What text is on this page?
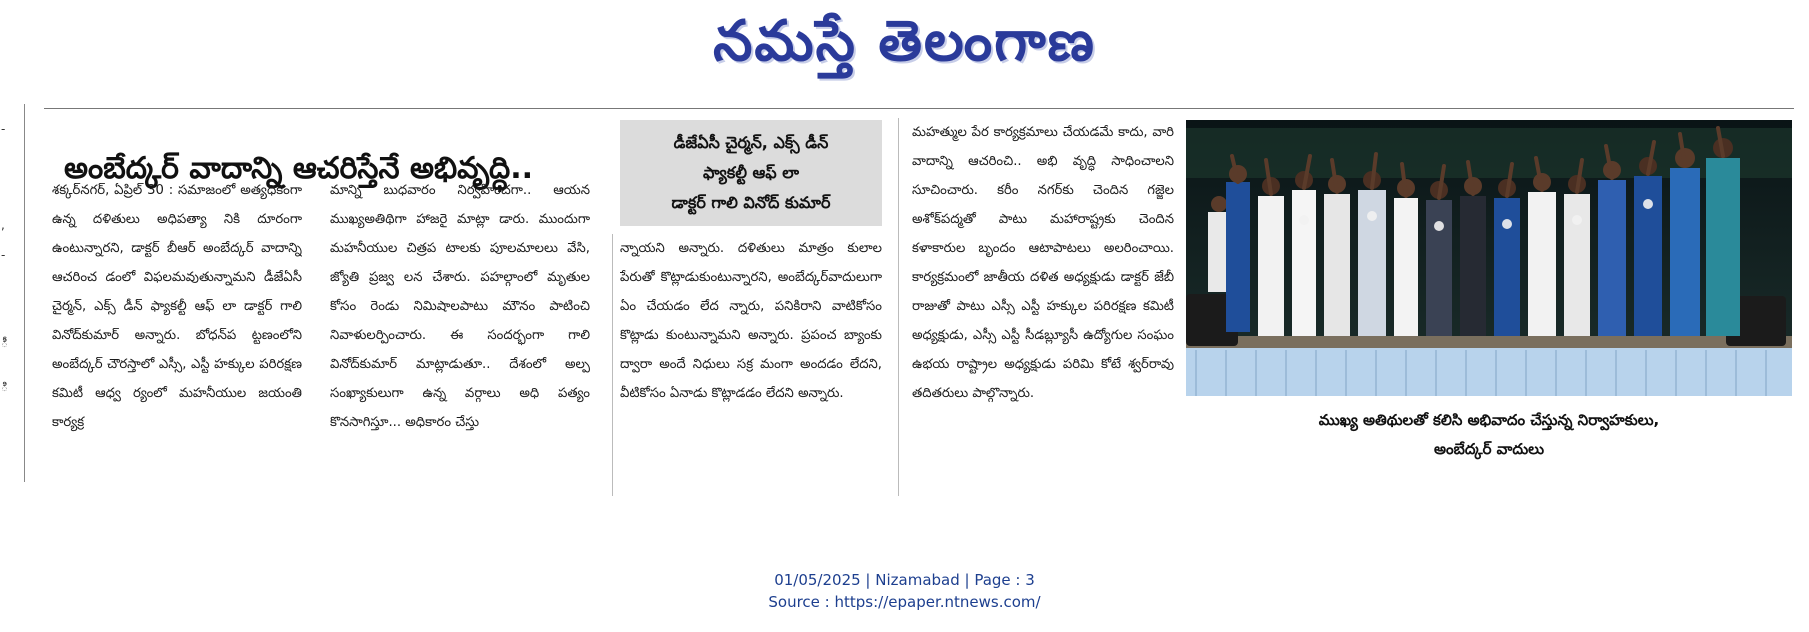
నమస్తే తెలంగాణ
-
,
-
ీ
ి
అంబేద్కర్ వాదాన్ని ఆచరిస్తేనే అభివృద్ధి..
డీజేఏసీ చైర్మన్, ఎక్స్ డీన్
ఫ్యాకల్టీ ఆఫ్ లా
డాక్టర్ గాలి వినోద్ కుమార్
శక్కర్‌నగర్, ఏప్రిల్ 30 : సమాజంలో అత్యధికంగా ఉన్న దళితులు అధిపత్యా నికి దూరంగా ఉంటున్నారని, డాక్టర్ బీఆర్ అంబేద్కర్ వాదాన్ని ఆచరించ డంలో విఫలమవుతున్నామని డీజేఏసీ చైర్మన్, ఎక్స్ డీన్ ఫ్యాకల్టీ ఆఫ్ లా డాక్టర్ గాలి వినోద్‌కుమార్ అన్నారు. బోధన్‌ప ట్టణంలోని అంబేద్కర్ చౌరస్తాలో ఎస్సీ, ఎస్టీ హక్కుల పరిరక్షణ కమిటీ ఆధ్వ ర్యంలో మహనీయుల జయంతి కార్యక్ర
మాన్ని బుధవారం నిర్వహించగా.. ఆయన ముఖ్యఅతిథిగా హాజరై మాట్లా డారు. ముందుగా మహనీయుల చిత్రప టాలకు పూలమాలలు వేసి, జ్యోతి ప్రజ్వ లన చేశారు. పహల్గాంలో మృతుల కోసం రెండు నిమిషాలపాటు మౌనం పాటించి నివాళులర్పించారు. ఈ సందర్భంగా గాలి వినోద్‌కుమార్ మాట్లాడుతూ.. దేశంలో అల్ప సంఖ్యాకులుగా ఉన్న వర్గాలు అధి పత్యం కొనసాగిస్తూ... అధికారం చేస్తు
న్నాయని అన్నారు. దళితులు మాత్రం కులాల పేరుతో కొట్లాడుకుంటున్నారని, అంబేద్కర్‌వాదులుగా ఏం చేయడం లేద న్నారు, పనికిరాని వాటికోసం కొట్లాడు కుంటున్నామని అన్నారు. ప్రపంచ బ్యాంకు ద్వారా అందే నిధులు సక్ర మంగా అందడం లేదని, వీటికోసం ఏనాడు కొట్లాడడం లేదని అన్నారు.
మహత్ముల పేర కార్యక్రమాలు చేయడమే కాదు, వారి వాదాన్ని ఆచరించి.. అభి వృద్ధి సాధించాలని సూచించారు. కరీం నగర్‌కు చెందిన గజ్జెల అశోక్‌పద్మతో పాటు మహారాష్ట్రకు చెందిన కళాకారుల బృందం ఆటాపాటలు అలరించాయి. కార్యక్రమంలో జాతీయ దళిత అధ్యక్షుడు డాక్టర్ జేబీ రాజుతో పాటు ఎస్సీ ఎస్టీ హక్కుల పరిరక్షణ కమిటీ అధ్యక్షుడు, ఎస్సీ ఎస్టీ సీడబ్ల్యూసీ ఉద్యోగుల సంఘం ఉభయ రాష్ట్రాల అధ్యక్షుడు పరిమి కోటే శ్వర్‌రావు తదితరులు పాల్గొన్నారు.
ముఖ్య అతిథులతో కలిసి అభివాదం చేస్తున్న నిర్వాహకులు,
అంబేద్కర్ వాదులు
01/05/2025 | Nizamabad | Page : 3
Source : https://epaper.ntnews.com/
